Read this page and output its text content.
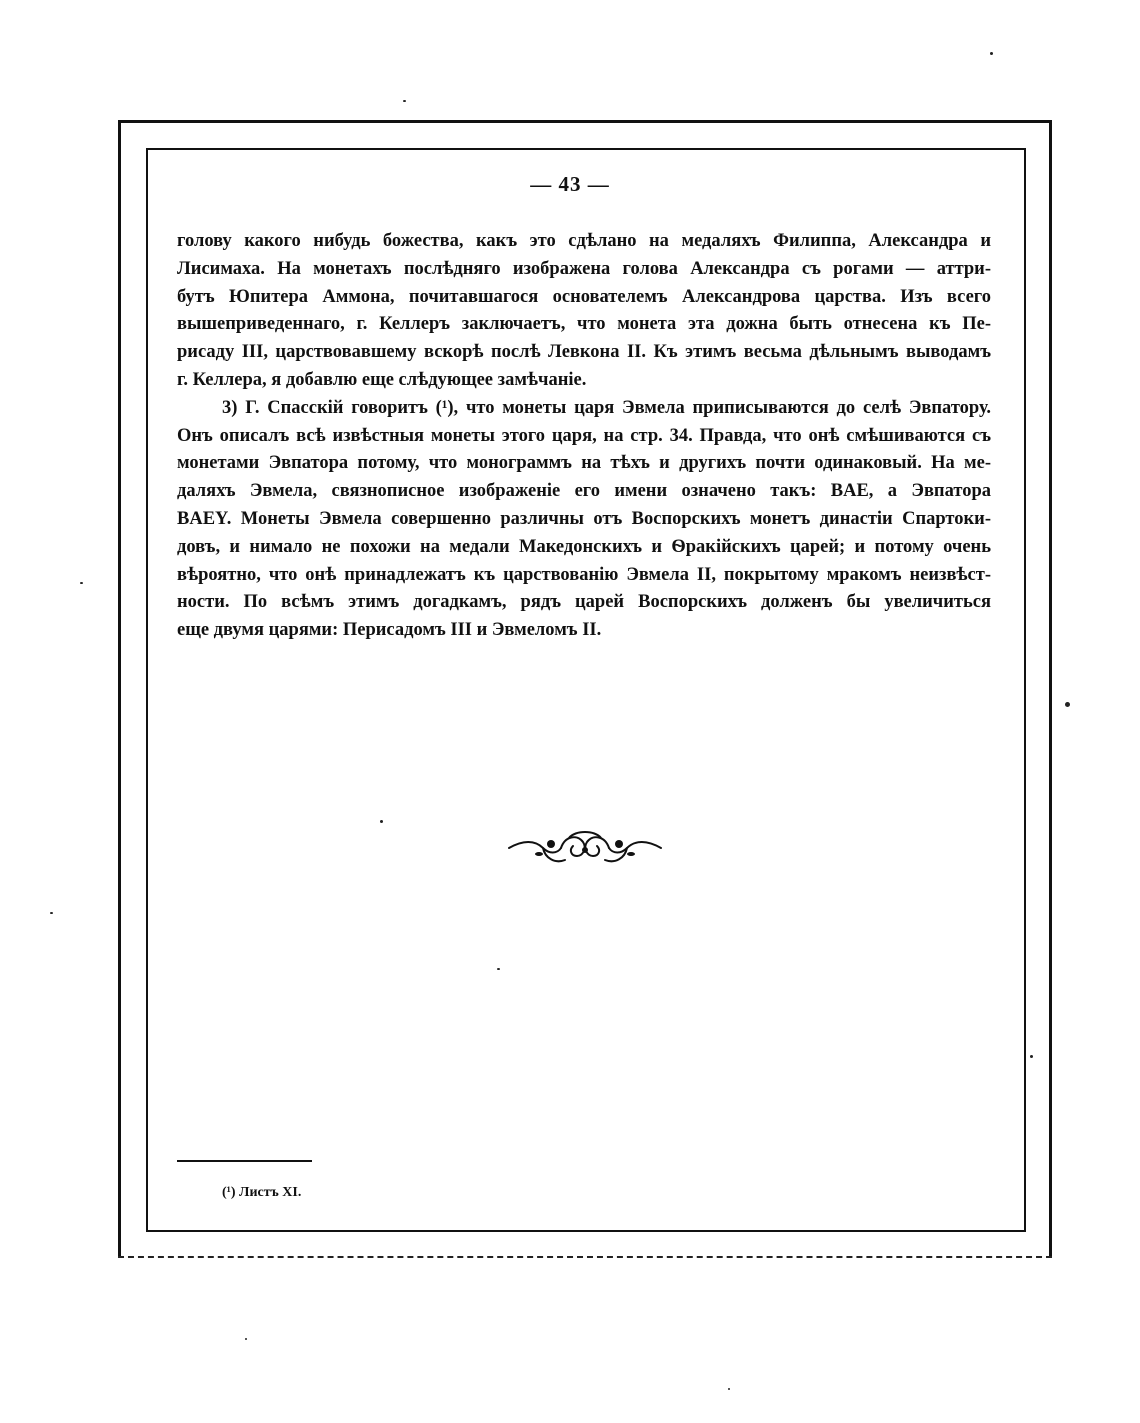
— 43 —
голову какого нибудь божества, какъ это сдѣлано на медаляхъ Филиппа, Александра и
Лисимаха. На монетахъ послѣдняго изображена голова Александра съ рогами — аттри-
бутъ Юпитера Аммона, почитавшагося основателемъ Александрова царства. Изъ всего
вышеприведеннаго, г. Келлеръ заключаетъ, что монета эта дожна быть отнесена къ Пе-
рисаду III, царствовавшему вскорѣ послѣ Левкона II. Къ этимъ весьма дѣльнымъ выводамъ
г. Келлера, я добавлю еще слѣдующее замѣчаніе.
3) Г. Спасскій говоритъ (¹), что монеты царя Эвмела приписываются до селѣ Эвпатору.
Онъ описалъ всѣ извѣстныя монеты этого царя, на стр. 34. Правда, что онѣ смѣшиваются съ
монетами Эвпатора потому, что монограммъ на тѣхъ и другихъ почти одинаковый. На ме-
даляхъ Эвмела, связнописное изображеніе его имени означено такъ: BAE, а Эвпатора
BAEY. Монеты Эвмела совершенно различны отъ Воспорскихъ монетъ династіи Спартоки-
довъ, и нимало не похожи на медали Македонскихъ и Ѳракійскихъ царей; и потому очень
вѣроятно, что онѣ принадлежатъ къ царствованію Эвмела II, покрытому мракомъ неизвѣст-
ности. По всѣмъ этимъ догадкамъ, рядъ царей Воспорскихъ долженъ бы увеличиться
еще двумя царями: Перисадомъ III и Эвмеломъ II.
(¹) Листъ XI.
